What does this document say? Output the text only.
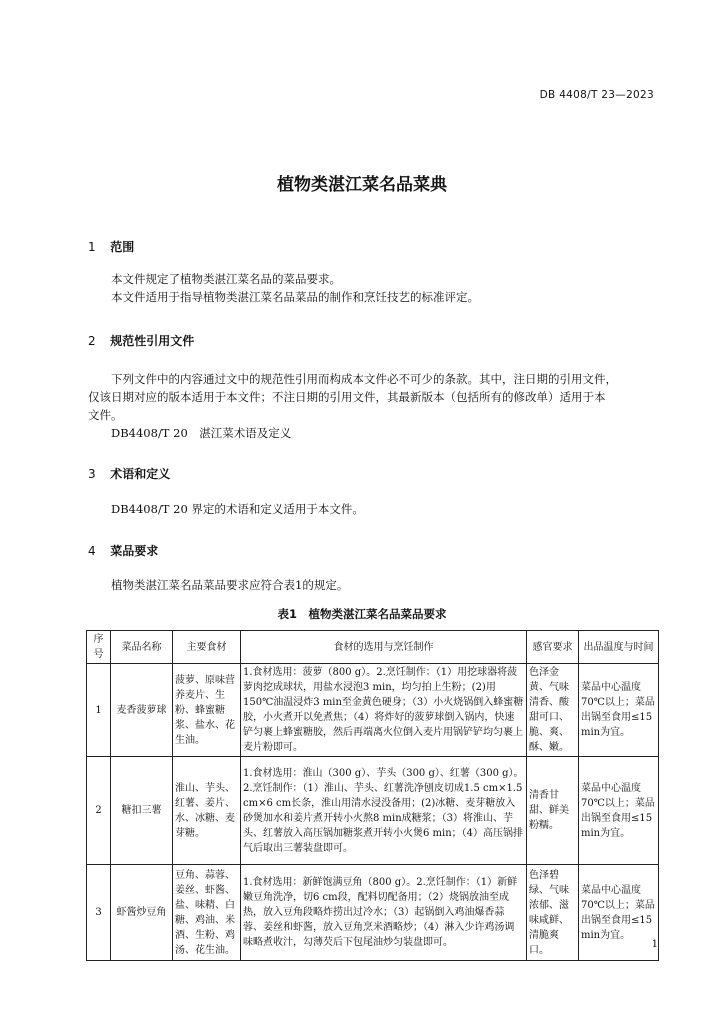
DB 4408/T 23—2023
植物类湛江菜名品菜典
1 范围
本文件规定了植物类湛江菜名品的菜品要求。
本文件适用于指导植物类湛江菜名品菜品的制作和烹饪技艺的标准评定。
2 规范性引用文件
下列文件中的内容通过文中的规范性引用而构成本文件必不可少的条款。其中，注日期的引用文件，
仅该日期对应的版本适用于本文件；不注日期的引用文件，其最新版本（包括所有的修改单）适用于本
文件。
DB4408/T 20　湛江菜术语及定义
3 术语和定义
DB4408/T 20 界定的术语和定义适用于本文件。
4 菜品要求
植物类湛江菜名品菜品要求应符合表1的规定。
表1　植物类湛江菜名品菜品要求
序号	菜品名称	主要食材	食材的选用与烹饪制作	感官要求	出品温度与时间
1	麦香菠萝球	菠萝、原味营养麦片、生粉、蜂蜜糖浆、盐水、花生油。	1.食材选用：菠萝（800 g）。2.烹饪制作：（1）用挖球器将菠萝肉挖成球状，用盐水浸泡3 min，均匀拍上生粉；(2)用150℃油温浸炸3 min至金黄色硬身；（3）小火烧锅倒入蜂蜜糖胶，小火煮开以免煮焦；（4）将炸好的菠萝球倒入锅内，快速铲匀裹上蜂蜜糖胶，然后再端离火位倒入麦片用锅铲铲均匀裹上麦片粉即可。	色泽金黄、气味清香、酸甜可口、脆、爽、酥、嫩。	菜品中心温度70℃以上；菜品出锅至食用≤15 min为宜。
2	糖扣三薯	淮山、芋头、红薯、姜片、水、冰糖、麦芽糖。	1.食材选用：淮山（300 g）、芋头（300 g）、红薯（300 g）。2.烹饪制作：（1）淮山、芋头、红薯洗净刨皮切成1.5 cm×1.5 cm×6 cm长条，淮山用清水浸没备用；(2)冰糖、麦芽糖放入砂煲加水和姜片煮开转小火熬8 min成糖浆；（3）将淮山、芋头、红薯放入高压锅加糖浆煮开转小火煲6 min；（4）高压锅排气后取出三薯装盘即可。	清香甘甜、鲜美粉糯。	菜品中心温度70℃以上；菜品出锅至食用≤15 min为宜。
3	虾酱炒豆角	豆角、蒜蓉、姜丝、虾酱、盐、味精、白糖、鸡油、米酒、生粉、鸡汤、花生油。	1.食材选用：新鲜饱满豆角（800 g）。2.烹饪制作：（1）新鲜嫩豆角洗净，切6 cm段，配料切配备用；（2）烧锅放油至成热，放入豆角段略炸捞出过冷水；（3）起锅倒入鸡油爆香蒜蓉、姜丝和虾酱，放入豆角烹米酒略炒；（4）淋入少许鸡汤调味略煮收汁，勾薄芡后下包尾油炒匀装盘即可。	色泽碧绿、气味浓郁、滋味咸鲜、清脆爽口。	菜品中心温度70℃以上；菜品出锅至食用≤15 min为宜。
1
